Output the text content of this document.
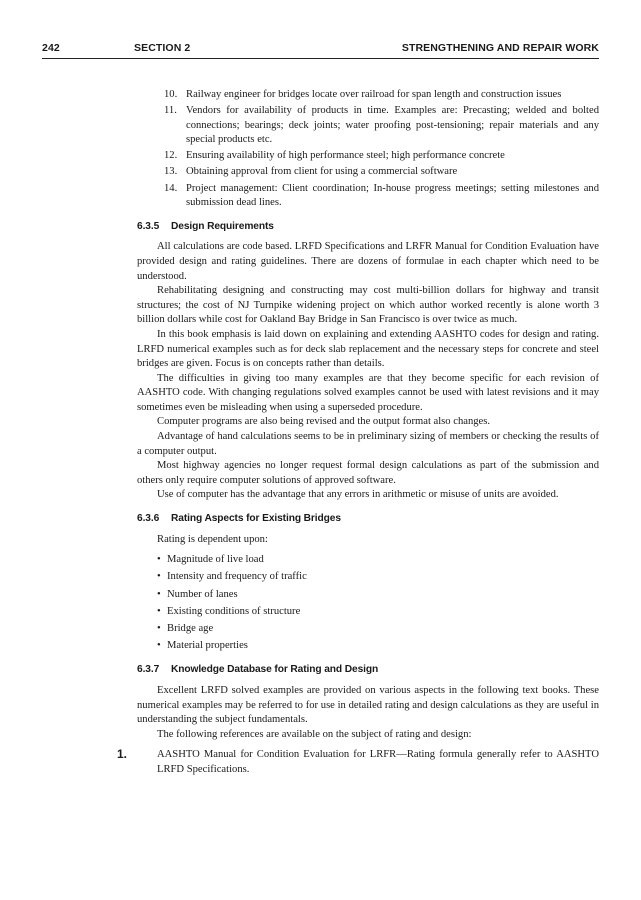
242	SECTION 2	STRENGTHENING AND REPAIR WORK
10. Railway engineer for bridges locate over railroad for span length and construction issues
11. Vendors for availability of products in time. Examples are: Precasting; welded and bolted connections; bearings; deck joints; water proofing post-tensioning; repair materials and any special products etc.
12. Ensuring availability of high performance steel; high performance concrete
13. Obtaining approval from client for using a commercial software
14. Project management: Client coordination; In-house progress meetings; setting milestones and submission dead lines.
6.3.5 Design Requirements

All calculations are code based. LRFD Specifications and LRFR Manual for Condition Evaluation have provided design and rating guidelines. There are dozens of formulae in each chapter which need to be understood.

Rehabilitating designing and constructing may cost multi-billion dollars for highway and transit structures; the cost of NJ Turnpike widening project on which author worked recently is alone worth 3 billion dollars while cost for Oakland Bay Bridge in San Francisco is over twice as much.

In this book emphasis is laid down on explaining and extending AASHTO codes for design and rating. LRFD numerical examples such as for deck slab replacement and the necessary steps for concrete and steel bridges are given. Focus is on concepts rather than details.

The difficulties in giving too many examples are that they become specific for each revision of AASHTO code. With changing regulations solved examples cannot be used with latest revisions and it may sometimes even be misleading when using a superseded procedure.

Computer programs are also being revised and the output format also changes.

Advantage of hand calculations seems to be in preliminary sizing of members or checking the results of a computer output.

Most highway agencies no longer request formal design calculations as part of the submission and others only require computer solutions of approved software.

Use of computer has the advantage that any errors in arithmetic or misuse of units are avoided.

6.3.6 Rating Aspects for Existing Bridges

Rating is dependent upon:

• Magnitude of live load
• Intensity and frequency of traffic
• Number of lanes
• Existing conditions of structure
• Bridge age
• Material properties
6.3.7 Knowledge Database for Rating and Design

Excellent LRFD solved examples are provided on various aspects in the following text books. These numerical examples may be referred to for use in detailed rating and design calculations as they are useful in understanding the subject fundamentals.

The following references are available on the subject of rating and design:

1.	AASHTO Manual for Condition Evaluation for LRFR—Rating formula generally refer to AASHTO LRFD Specifications.
